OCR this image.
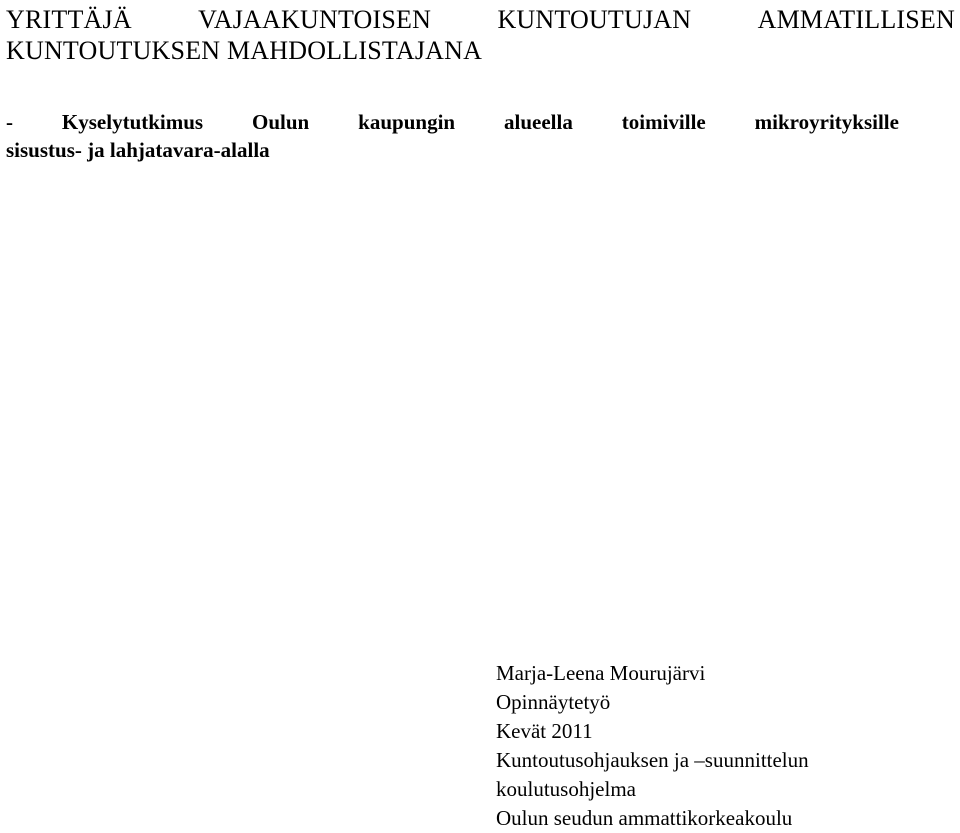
YRITTÄJÄ	VAJAAKUNTOISEN	KUNTOUTUJAN	AMMATILLISEN
KUNTOUTUKSEN MAHDOLLISTAJANA
- Kyselytutkimus Oulun kaupungin alueella toimiville mikroyrityksille
sisustus- ja lahjatavara-alalla
Marja-Leena Mourujärvi
Opinnäytetyö
Kevät 2011
Kuntoutusohjauksen ja –suunnittelun
koulutusohjelma
Oulun seudun ammattikorkeakoulu
